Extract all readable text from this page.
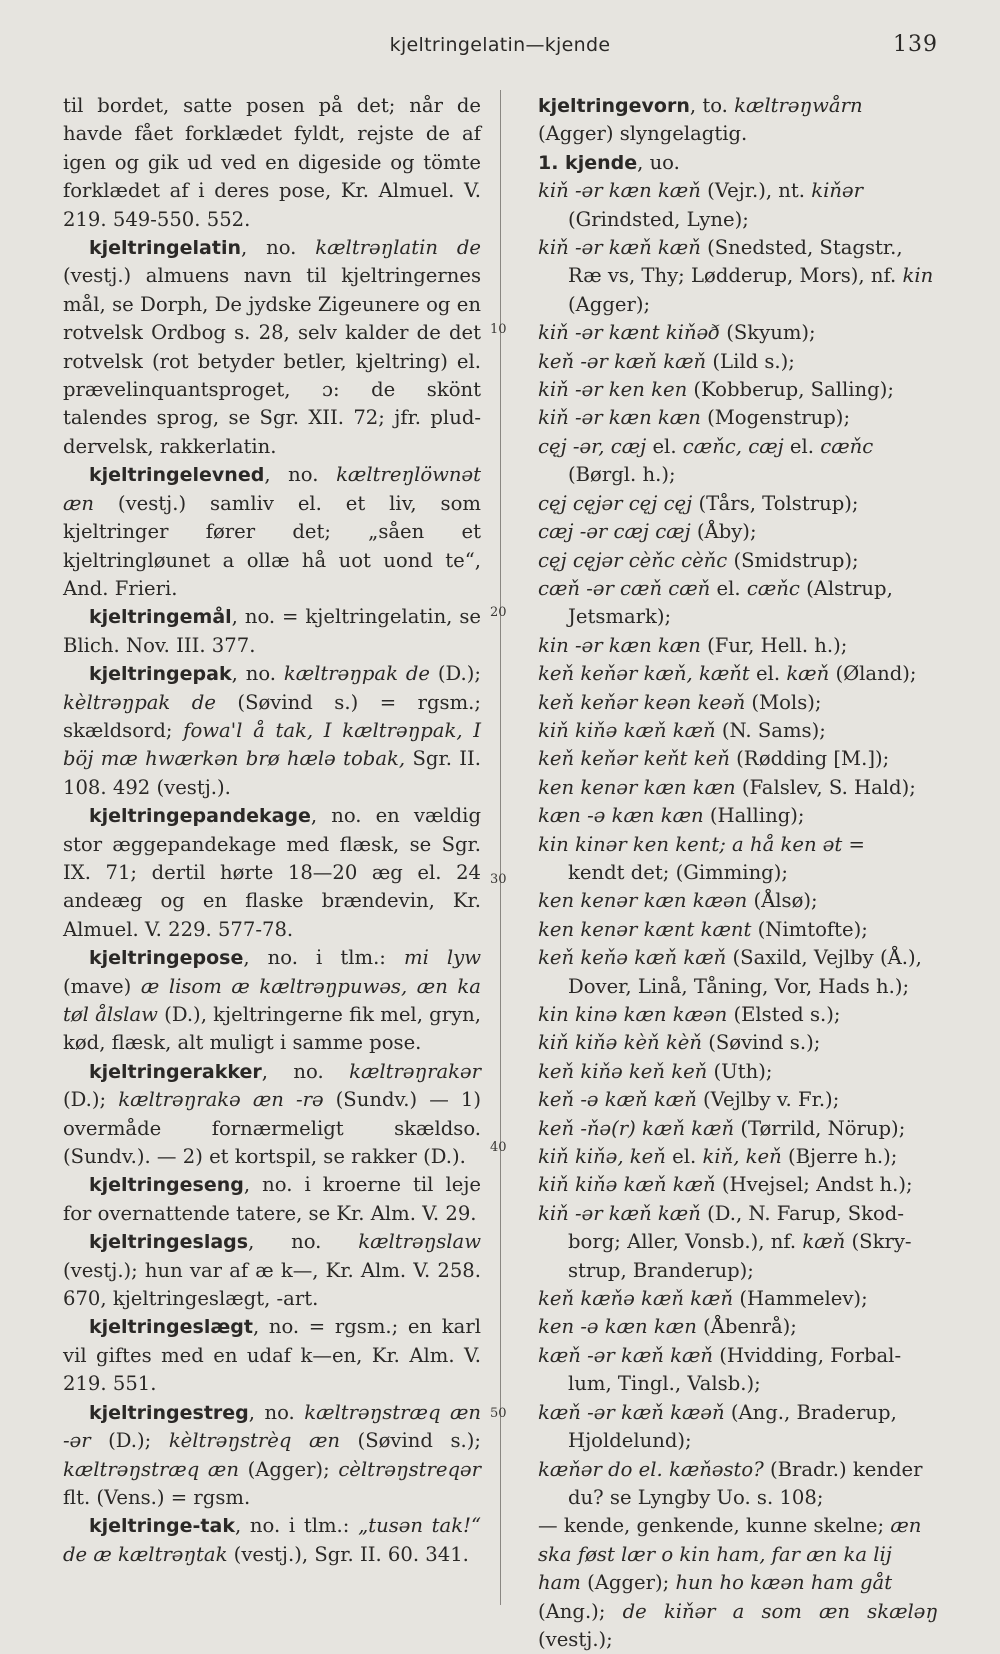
kjeltringelatin—kjende	139

til bordet, satte posen på det; når de havde fået forklædet fyldt, rejste de af igen og gik ud ved en digeside og tömte forklædet af i deres pose, Kr. Almuel. V. 219. 549-550. 552.

kjeltringelatin, no. kæltrəŋlatin de (vestj.) almuens navn til kjeltringernes mål, se Dorph, De jydske Zigeunere og en rotvelsk Ordbog s. 28, selv kalder de det rotvelsk (rot betyder betler, kjeltring) el. prævelinquantsproget, ɔ: de skönt talendes sprog, se Sgr. XII. 72; jfr. pluddervelsk, rakkerlatin.

kjeltringelevned, no. kæltreŋlöwnət æn (vestj.) samliv el. et liv, som kjeltringer fører det; „såen et kjeltringløunet a ollæ hå uot uond te“, And. Frieri.

kjeltringemål, no. = kjeltringelatin, se Blich. Nov. III. 377.

kjeltringepak, no. kæltrəŋpak de (D.); kèltrəŋpak de (Søvind s.) = rgsm.; skældsord; fowa'l å tak, I kæltrəŋpak, I böj mæ hwærkən brø hælə tobak, Sgr. II. 108. 492 (vestj.).

kjeltringepandekage, no. en vældig stor æggepandekage med flæsk, se Sgr. IX. 71; dertil hørte 18—20 æg el. 24 andeæg og en flaske brændevin, Kr. Almuel. V. 229. 577-78.

kjeltringepose, no. i tlm.: mi lyw (mave) æ lisom æ kæltrəŋpuwəs, æn ka tøl ålslaw (D.), kjeltringerne fik mel, gryn, kød, flæsk, alt muligt i samme pose.

kjeltringerakker, no. kæltrəŋrakər (D.); kæltrəŋrakə æn -rə (Sundv.) — 1) overmåde fornærmeligt skældso. (Sundv.). — 2) et kortspil, se rakker (D.).

kjeltringeseng, no. i kroerne til leje for overnattende tatere, se Kr. Alm. V. 29.

kjeltringeslags, no. kæltrəŋslaw (vestj.); hun var af æ k—, Kr. Alm. V. 258. 670, kjeltringeslægt, -art.

kjeltringeslægt, no. = rgsm.; en karl vil giftes med en udaf k—en, Kr. Alm. V. 219. 551.

kjeltringestreg, no. kæltrəŋstræq æn -ər (D.); kèltrəŋstrèq æn (Søvind s.); kæltrəŋstræq æn (Agger); cèltrəŋstreqər flt. (Vens.) = rgsm.

kjeltringe-tak, no. i tlm.: „tusən tak!“ de æ kæltrəŋtak (vestj.), Sgr. II. 60. 341.

10
20
30
40
50

kjeltringevorn, to. kæltrəŋwårn

(Agger) slyngelagtig.

1. kjende, uo.

kiň -ər kæn kæň (Vejr.), nt. kiňər

(Grindsted, Lyne);

kiň -ər kæň kæň (Snedsted, Stagstr.,

Ræ vs, Thy; Lødderup, Mors), nf. kin

(Agger);

kiň -ər kænt kiňəð (Skyum);

keň -ər kæň kæň (Lild s.);

kiň -ər ken ken (Kobberup, Salling);

kiň -ər kæn kæn (Mogenstrup);

cęj -ər, cæj el. cæňc, cæj el. cæňc

(Børgl. h.);

cęj cęjər cęj cęj (Tårs, Tolstrup);

cæj -ər cæj cæj (Åby);

cęj cęjər cèňc cèňc (Smidstrup);

cæň -ər cæň cæň el. cæňc (Alstrup,

Jetsmark);

kin -ər kæn kæn (Fur, Hell. h.);

keň keňər kæň, kæňt el. kæň (Øland);

keň keňər keən keəň (Mols);

kiň kiňə kæň kæň (N. Sams);

keň keňər keňt keň (Rødding [M.]);

ken kenər kæn kæn (Falslev, S. Hald);

kæn -ə kæn kæn (Halling);

kin kinər ken kent; a hå ken ət =

kendt det; (Gimming);

ken kenər kæn kæən (Ålsø);

ken kenər kænt kænt (Nimtofte);

keň keňə kæň kæň (Saxild, Vejlby (Å.),

Dover, Linå, Tåning, Vor, Hads h.);

kin kinə kæn kæən (Elsted s.);

kiň kiňə kèň kèň (Søvind s.);

keň kiňə keň keň (Uth);

keň -ə kæň kæň (Vejlby v. Fr.);

keň -ňə(r) kæň kæň (Tørrild, Nörup);

kiň kiňə, keň el. kiň, keň (Bjerre h.);

kiň kiňə kæň kæň (Hvejsel; Andst h.);

kiň -ər kæň kæň (D., N. Farup, Skod-

borg; Aller, Vonsb.), nf. kæň (Skry-

strup, Branderup);

keň kæňə kæň kæň (Hammelev);

ken -ə kæn kæn (Åbenrå);

kæň -ər kæň kæň (Hvidding, Forbal-

lum, Tingl., Valsb.);

kæň -ər kæň kæəň (Ang., Braderup,

Hjoldelund);

kæňər do el. kæňəsto? (Bradr.) kender

du? se Lyngby Uo. s. 108;

— kende, genkende, kunne skelne; æn

ska føst lær o kin ham, far æn ka lij

ham (Agger); hun ho kæən ham gåt

(Ang.); de kiňər a som æn skæləŋ (vestj.);
